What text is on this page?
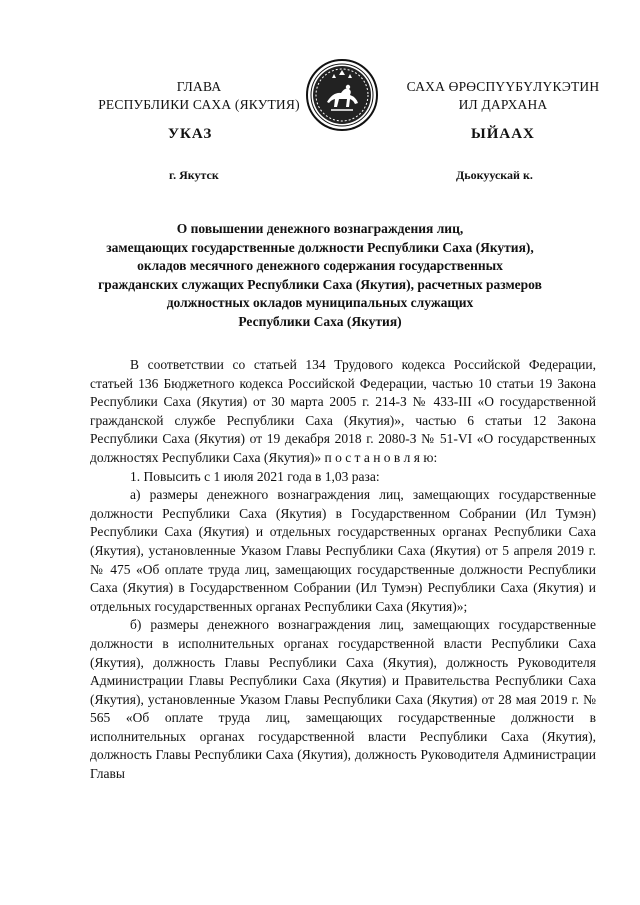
ГЛАВА
РЕСПУБЛИКИ САХА (ЯКУТИЯ)
САХА ӨРӨСПҮҮБҮЛҮКЭТИН
ИЛ ДАРХАНА
УКАЗ	ЫЙААХ
г. Якутск	Дьокуускай к.
О повышении денежного вознаграждения лиц,
замещающих государственные должности Республики Саха (Якутия),
окладов месячного денежного содержания государственных
гражданских служащих Республики Саха (Якутия), расчетных размеров
должностных окладов муниципальных служащих
Республики Саха (Якутия)

В соответствии со статьей 134 Трудового кодекса Российской Федерации, статьей 136 Бюджетного кодекса Российской Федерации, частью 10 статьи 19 Закона Республики Саха (Якутия) от 30 марта 2005 г. 214-З № 433-III «О государственной гражданской службе Республики Саха (Якутия)», частью 6 статьи 12 Закона Республики Саха (Якутия) от 19 декабря 2018 г. 2080-З № 51-VI «О государственных должностях Республики Саха (Якутия)» п о с т а н о в л я ю:

1. Повысить с 1 июля 2021 года в 1,03 раза:

а) размеры денежного вознаграждения лиц, замещающих государственные должности Республики Саха (Якутия) в Государственном Собрании (Ил Тумэн) Республики Саха (Якутия) и отдельных государственных органах Республики Саха (Якутия), установленные Указом Главы Республики Саха (Якутия) от 5 апреля 2019 г. № 475 «Об оплате труда лиц, замещающих государственные должности Республики Саха (Якутия) в Государственном Собрании (Ил Тумэн) Республики Саха (Якутия) и отдельных государственных органах Республики Саха (Якутия)»;

б) размеры денежного вознаграждения лиц, замещающих государственные должности в исполнительных органах государственной власти Республики Саха (Якутия), должность Главы Республики Саха (Якутия), должность Руководителя Администрации Главы Республики Саха (Якутия) и Правительства Республики Саха (Якутия), установленные Указом Главы Республики Саха (Якутия) от 28 мая 2019 г. № 565 «Об оплате труда лиц, замещающих государственные должности в исполнительных органах государственной власти Республики Саха (Якутия), должность Главы Республики Саха (Якутия), должность Руководителя Администрации Главы
